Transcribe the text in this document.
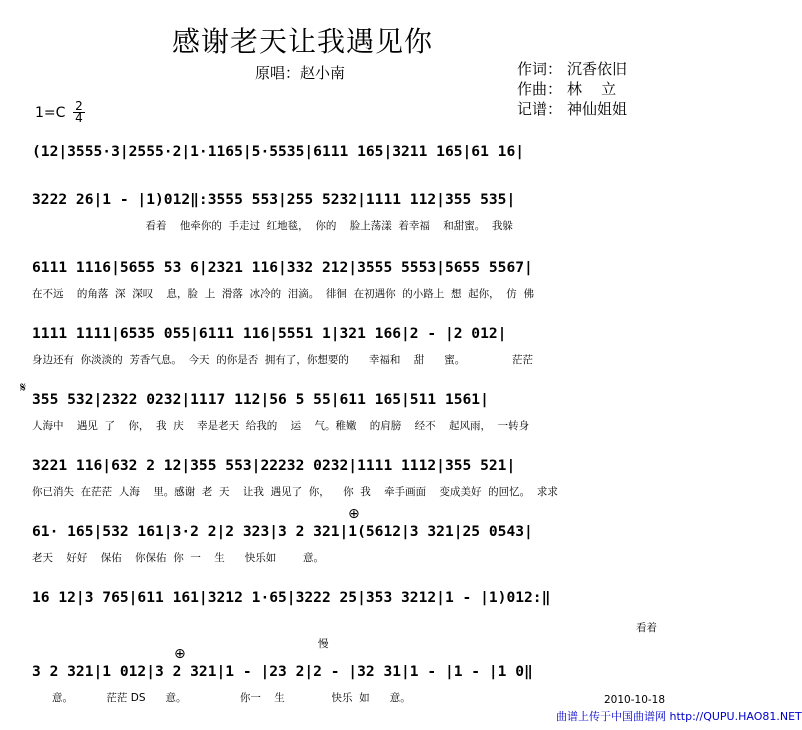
感谢老天让我遇见你
原唱：赵小南	作词： 沉香依旧
作曲： 林    立
记谱： 神仙姐姐
1=C 2
4
(12|3555·3|2555·2|1·1165|5·5535|6111 165|3211 165|61 16|
3222 26|1 - |1)012‖:3555 553|255 5232|1111 112|355 535|
看着    他牵你的  手走过  红地毯，  你的    脸上荡漾  着幸福    和甜蜜。  我躲
6111 1116|5655 53 6|2321 116|332 212|3555 5553|5655 5567|
在不远    的角落  深  深叹    息，脸  上  滑落  冰冷的  泪滴。  徘徊  在初遇你  的小路上  想  起你，  仿  佛
1111 1111|6535 055|6111 116|5551 1|321 166|2 - |2 012|
身边还有  你淡淡的  芳香气息。  今天  的你是否  拥有了，你想要的      幸福和    甜      蜜。              茫茫
𝄋
355 532|2322 0232|1117 112|56 5 55|611 165|511 1561|
人海中    遇见  了    你，  我  庆    幸是老天  给我的    运    气。稚嫩    的肩膀    经不    起风雨，  一转身
3221 116|632 2 12|355 553|22232 0232|1111 1112|355 521|
你已消失  在茫茫  人海    里。感谢  老  天    让我  遇见了  你，    你  我    牵手画面    变成美好  的回忆。  求求
⊕
61· 165|532 161|3·2 2|2 323|3 2 321|1(5612|3 321|25 0543|
老天    好好    保佑    你保佑  你  一    生      快乐如        意。
16 12|3 765|611 161|3212 1·65|3222 25|353 3212|1 - |1)012:‖
看着
慢
⊕
3 2 321|1 012|3 2 321|1 - |23 2|2 - |32 31|1 - |1 - |1 0‖
意。          茫茫 DS      意。                你一    生              快乐  如      意。	2010-10-18
曲谱上传于中国曲谱网 http://QUPU.HAO81.NET
